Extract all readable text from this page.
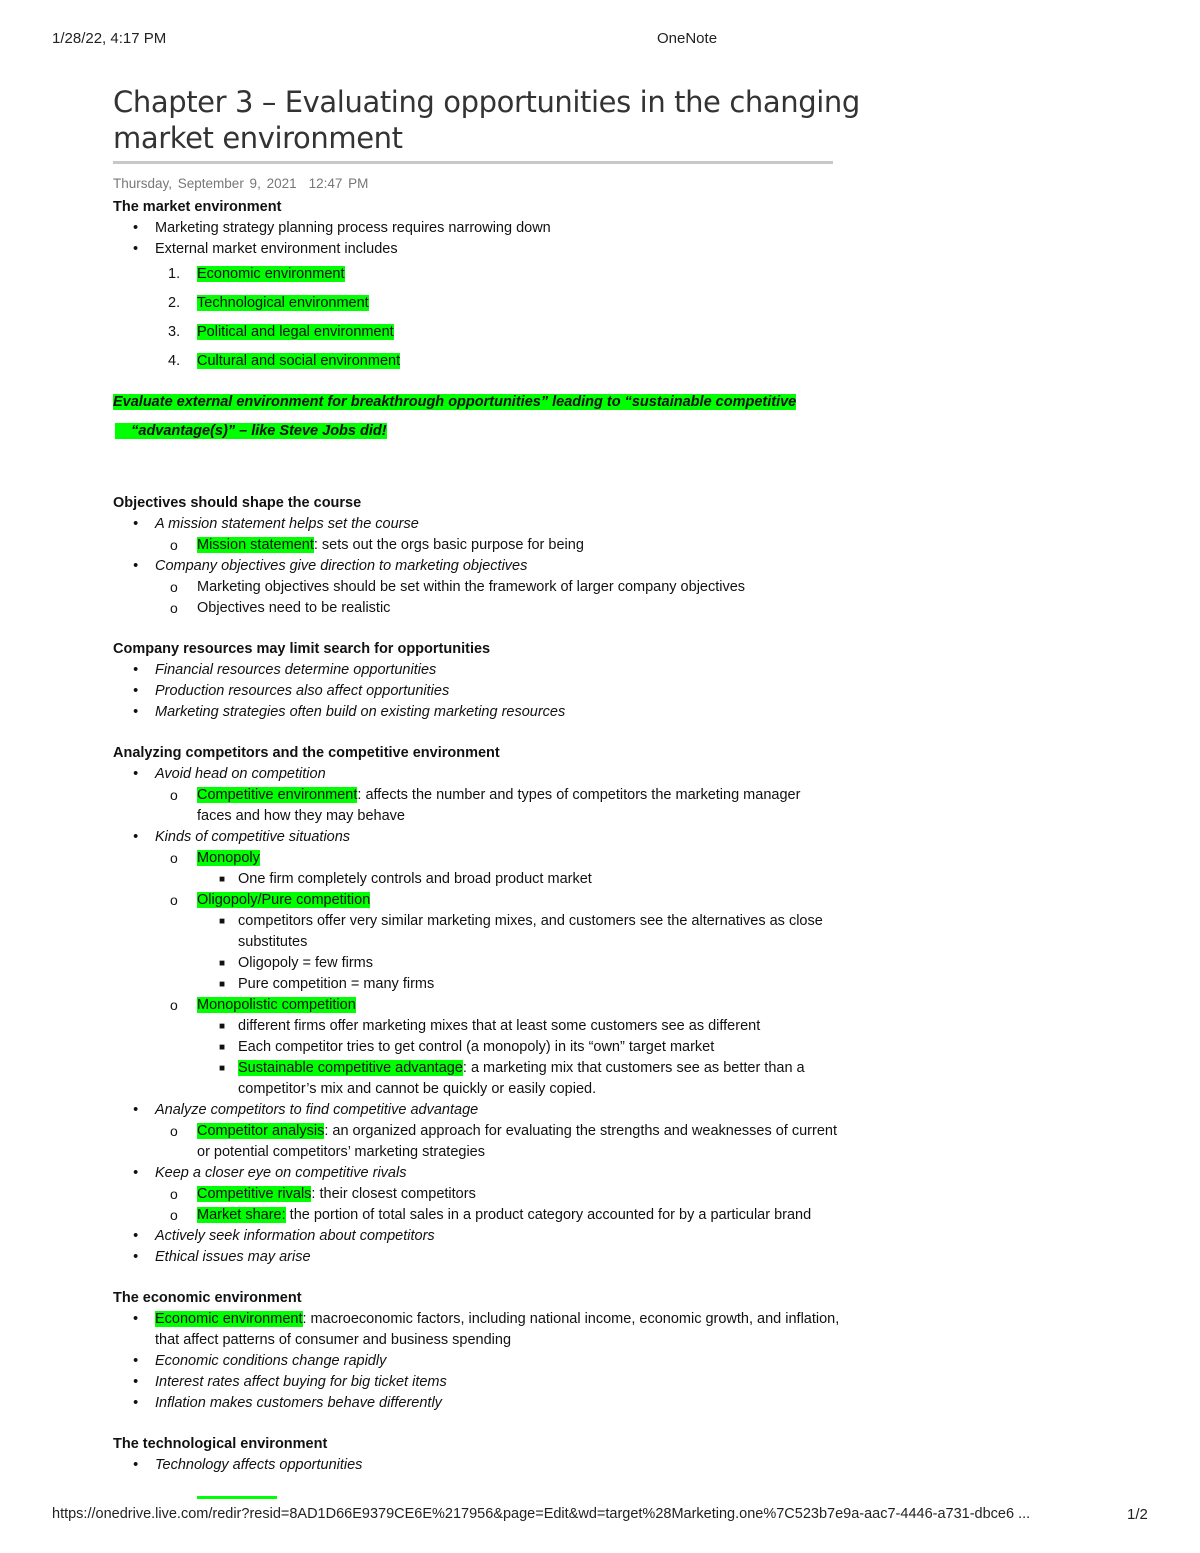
1/28/22, 4:17 PM	OneNote
Chapter 3 – Evaluating opportunities in the changing market environment
Thursday, September 9, 2021 12:47 PM
The market environment
• Marketing strategy planning process requires narrowing down
• External market environment includes
1. Economic environment
2. Technological environment
3. Political and legal environment
4. Cultural and social environment
Evaluate external environment for breakthrough opportunities” leading to “sustainable competitive
“advantage(s)” – like Steve Jobs did!
Objectives should shape the course
• A mission statement helps set the course
o Mission statement: sets out the orgs basic purpose for being
• Company objectives give direction to marketing objectives
o Marketing objectives should be set within the framework of larger company objectives
o Objectives need to be realistic
Company resources may limit search for opportunities
• Financial resources determine opportunities
• Production resources also affect opportunities
• Marketing strategies often build on existing marketing resources
Analyzing competitors and the competitive environment
• Avoid head on competition
o Competitive environment: affects the number and types of competitors the marketing manager faces and how they may behave
• Kinds of competitive situations
o Monopoly
■ One firm completely controls and broad product market
o Oligopoly/Pure competition
■ competitors offer very similar marketing mixes, and customers see the alternatives as close substitutes
■ Oligopoly = few firms
■ Pure competition = many firms
o Monopolistic competition
■ different firms offer marketing mixes that at least some customers see as different
■ Each competitor tries to get control (a monopoly) in its “own” target market
■ Sustainable competitive advantage: a marketing mix that customers see as better than a competitor’s mix and cannot be quickly or easily copied.
• Analyze competitors to find competitive advantage
o Competitor analysis: an organized approach for evaluating the strengths and weaknesses of current or potential competitors’ marketing strategies
• Keep a closer eye on competitive rivals
o Competitive rivals: their closest competitors
o Market share: the portion of total sales in a product category accounted for by a particular brand
• Actively seek information about competitors
• Ethical issues may arise
The economic environment
• Economic environment: macroeconomic factors, including national income, economic growth, and inflation, that affect patterns of consumer and business spending
• Economic conditions change rapidly
• Interest rates affect buying for big ticket items
• Inflation makes customers behave differently
The technological environment
• Technology affects opportunities
https://onedrive.live.com/redir?resid=8AD1D66E9379CE6E%217956&page=Edit&wd=target%28Marketing.one%7C523b7e9a-aac7-4446-a731-dbce6 ...	1/2
